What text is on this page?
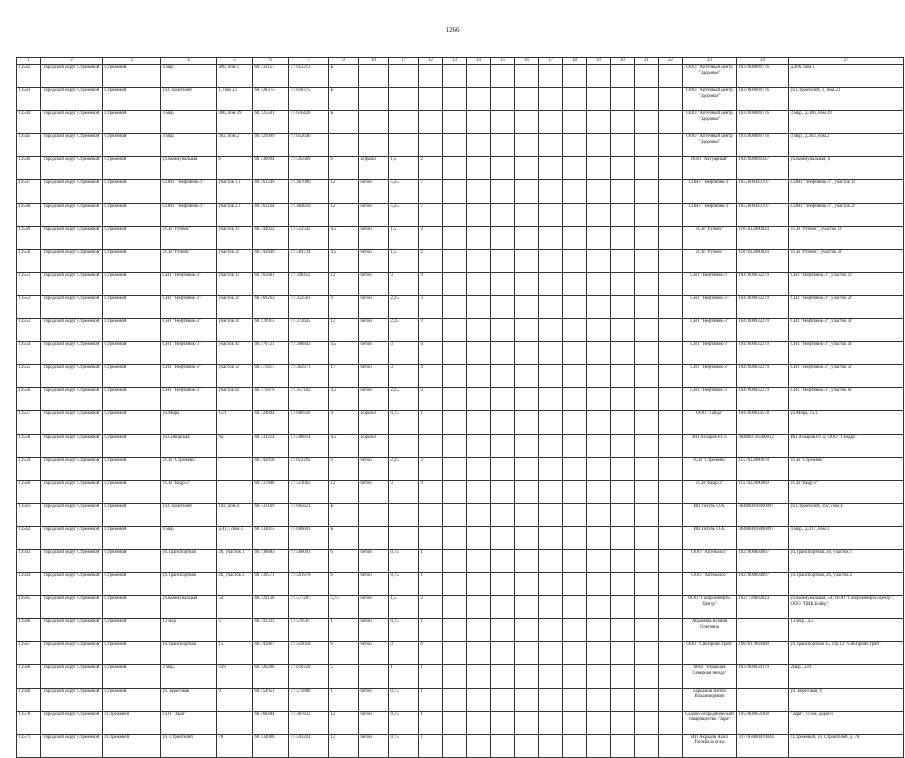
1266
1	2	3	4	5	6	7	9	10	17	12	13	14	15	16	17	18	19	20	21	22	23	24	27
13542	городской округ Стрежевой	Стрежевой	4 мкр	406, пом 1	60.733157	77.612213	Б														ООО "Аптечный центр "Здоровье"	1037000089776	д.406, пом.1
13543	городской округ Стрежевой	Стрежевой	ул.Строителей	1, пом 23	60.728375	77.618375	Б														ООО "Аптечный центр "Здоровье"	1037000089776	ул.Строителей, 1, пом.23
13544	городской округ Стрежевой	Стрежевой	3 мкр	306, пом 39	60.725501	77.616428	Б														ООО "Аптечный центр "Здоровье"	1037000089776	3 мкр., д.306, пом.39
13545	городской округ Стрежевой	Стрежевой	3 мкр.	302, пом.2	60.729999	77.612646															ООО "Аптечный центр "Здоровье"	1037000089776	3 мкр., д.302, пом.2
13546	городской округ Стрежевой	Стрежевой	ул.Коммунальная	6	60.736094	77.595689	6	асфальт	1,5	2											ООО "Актуарный"	1047000089347	ул.Коммунальная, 6
13547	городской округ Стрежевой	Стрежевой	СОНТ "Нефтяник-1"	участок 1 г	60.761249	77.467080	12	бетон	5,25	7											СОНТ "Нефтяник-1"	1057000343707	СОНТ "Нефтяник-1", участок 1г
13548	городской округ Стрежевой	Стрежевой	СОНТ "Нефтяник-1"	участок 2 г	60.761144	77.464610	12	бетон	5,25	7											СОНТ "Нефтяник-1"	1057000343707	СОНТ "Нефтяник-1", участок 2г
13549	городской округ Стрежевой	Стрежевой	ТСН "Ручеек"	участок 1г	60.744922	77.512543	4,5	бетон	1,5	2											ТСН "Ручеек"	1107022000024	ТСН "Ручеек", участок 1г
13550	городской округ Стрежевой	Стрежевой	ТСН "Ручеек"	участок 2г	60.743849	77.504734	4,5	бетон	1,5	2											ТСН "Ручеек"	1107022000024	ТСН "Ручеек", участок 2г
13551	городской округ Стрежевой	Стрежевой	СНТ "Нефтяник-3"	участок 1г	60.765681	77.348452	12	бетон	3	4											СНТ "Нефтяник-3"	1047000032279	СНТ "Нефтяник-3", участок 1г
13552	городской округ Стрежевой	Стрежевой	СНТ "Нефтяник-3"	участок 2г	60.769262	77.352502	9	бетон	2,25	3											СНТ "Нефтяник-3"	1047000032279	СНТ "Нефтяник-3", участок 2г
13553	городской округ Стрежевой	Стрежевой	СНТ "Нефтяник-3"	участок 3г	60.770915	77.372645	12	бетон	2,25	3											СНТ "Нефтяник-3"	1047000032279	СНТ "Нефтяник-3", участок 3г
13554	городской округ Стрежевой	Стрежевой	СНТ "Нефтяник-3"	участок 4г	60.770721	77.368843	4,5	бетон	3	4											СНТ "Нефтяник-3"	1047000032279	СНТ "Нефтяник-3", участок 4г
13555	городской округ Стрежевой	Стрежевой	СНТ "Нефтяник-3"	участок 5г	60.773417	77.363971	17	бетон	3	4											СНТ "Нефтяник-3"	1047000032279	СНТ "Нефтяник-3", участок 5г
13556	городской округ Стрежевой	Стрежевой	СНТ "Нефтяник-3"	участок 6г	60.775879	77.357102	4,5	бетон	2,25	3											СНТ "Нефтяник-3"	1047000032279	СНТ "Нефтяник-3", участок 6г
13557	городской округ Стрежевой	Стрежевой	ул.Мира	15/1	60.724894	77.606920	4	асфальт	0,75	1											ООО "Гайда"	1047000044578	ул.Мира, 15/1
13558	городской округ Стрежевой	Стрежевой	ул.Сибирская	9а	60.731214	77.596814	4,5	асфальт													ИП Азларов Р.Г.о	304860736200012	ИП Азларов Р.Г.о; ООО "Гандар"
13559	городской округ Стрежевой	Стрежевой	ТСН "Стрежень"		60.742818	77.612292	9	бетон	2,25	3											ТСН "Стрежень"	1157022000078	ТСН "Стрежень"
13560	городской округ Стрежевой	Стрежевой	ТСН "Кедр-2"		60.737808	77.513062	12	бетон	3	4											ТСН "Кедр-2"	1157022000969	ТСН "Кедр-2"
13561	городской округ Стрежевой	Стрежевой	ул.Строителей	192, пом.4	60.733169	77.605621	Б														ИП Голубь О.А.	304860016000097	ул.Строителей, 192, пом.4
13562	городской округ Стрежевой	Стрежевой	4 мкр	д.417, пом.3	60.734015	77.606601	Б														ИП Голубь О.А.	304860016000097	4 мкр., д.417, пом.3
13563	городской округ Стрежевой	Стрежевой	ул.Транспортная	26, участок 1	60.738883	77.560093	6	бетон	0,75	1											ООО "Аптеколос"	1027000894897	ул.Транспортная, 26, участок 1
13564	городской округ Стрежевой	Стрежевой	ул.Транспортная	26, участок 2	60.739571	77.561978	6	бетон	0,75	1											ООО "Аптеколос"	1027000894897	ул.Транспортная, 26, участок 2
13565	городской округ Стрежевой	Стрежевой	ул.Коммунальная	54	60.729136	77.577287	5,75	бетон	1,5	2											ООО "Газпромнефть-Центр"	1027739602824	ул.Коммунальная, 54; ООО "Газпромнефть-Центр"; ООО "ПИК Бобер"
13566	городской округ Стрежевой	Стрежевой	13 мкр	5	60.741333	77.570507	1	бетон	0,75	1											Абрамова Ксения Олеговна		13 мкр., д.5
13567	городской округ Стрежевой	Стрежевой	ул.Транспортная	15	60.742867	77.559058	6	бетон	3	6											ООО "СибПромСтрой"	1087017004480	ул.Транспортная 15, стр.12 "СибПромСтрой"
13568	городской округ Стрежевой	Стрежевой	2 мкр.	239	60.726280	77.610328	5		1	1											МАУ "Редакция Северная звезда"	1037000034179	2мкр., 239
13569	городской округ Стрежевой	Стрежевой	ул. Береговая	9	60.754951	77.573888	1	бетон	0,75	1											Баркамов Антон Владимирович		ул. Береговая, 9
13570	городской округ Стрежевой	г.Стрежевой	СОТ "Заря"		60.768484	77.387832	12	бетон	0,75	1											Садово-огороднический товарищество "Заря"	1057000054160	"Заря", 11 км. дороги
13571	городской округ Стрежевой	г.Стрежевой	ул. Строителей	78	60.734086	77.593242	12	бетон	0,75	1											ИП Акрадов Ахил Гюльбала оглы	317703000070044	г.Стрежевой, ул. Строителей, д. 78
